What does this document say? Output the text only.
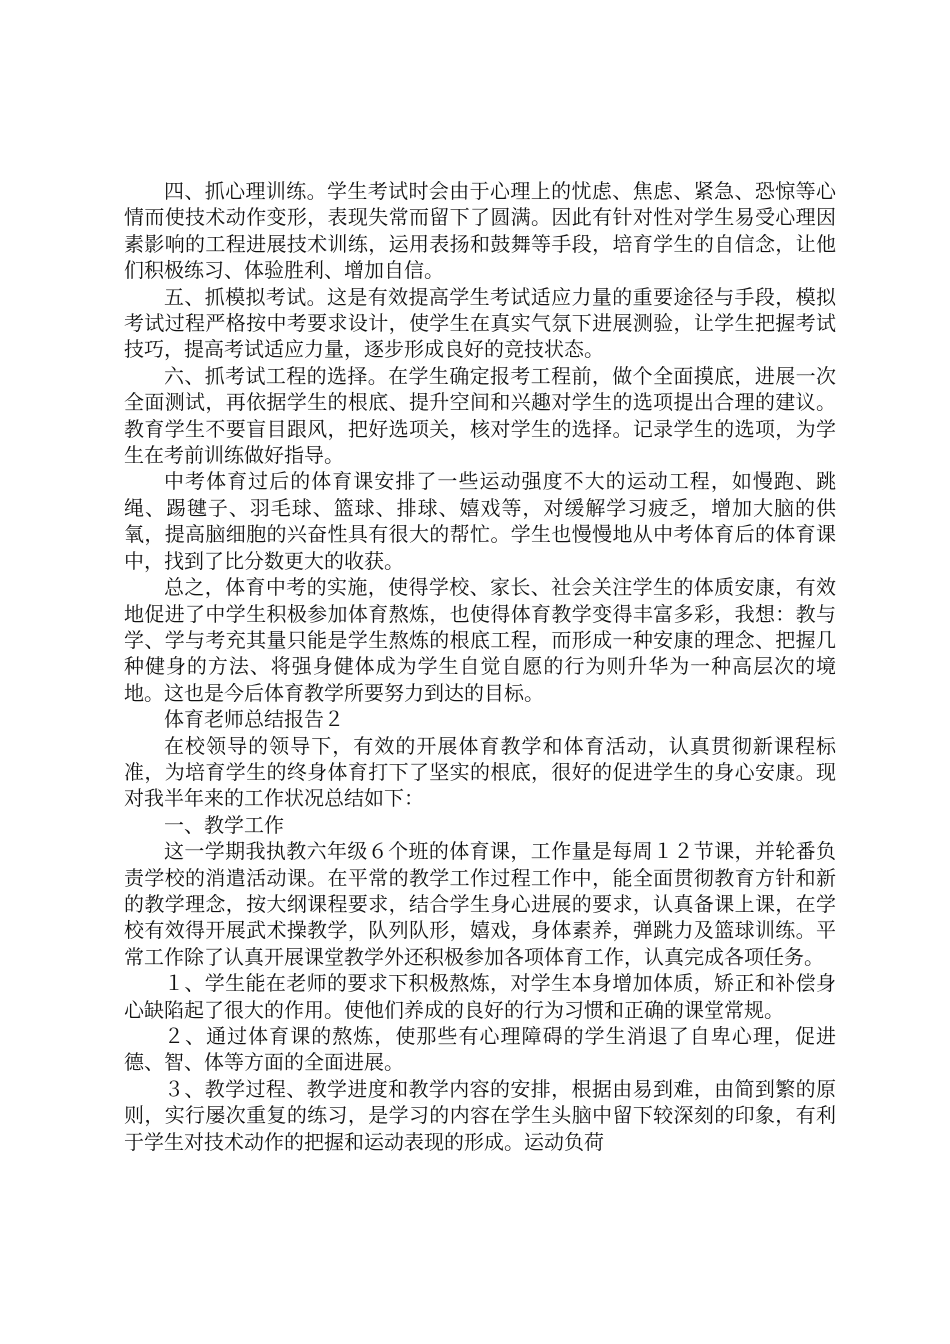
四、抓心理训练。学生考试时会由于心理上的忧虑、焦虑、紧急、恐惊等心情而使技术动作变形，表现失常而留下了圆满。因此有针对性对学生易受心理因素影响的工程进展技术训练，运用表扬和鼓舞等手段，培育学生的自信念，让他们积极练习、体验胜利、增加自信。

五、抓模拟考试。这是有效提高学生考试适应力量的重要途径与手段，模拟考试过程严格按中考要求设计，使学生在真实气氛下进展测验，让学生把握考试技巧，提高考试适应力量，逐步形成良好的竞技状态。

六、抓考试工程的选择。在学生确定报考工程前，做个全面摸底，进展一次全面测试，再依据学生的根底、提升空间和兴趣对学生的选项提出合理的建议。教育学生不要盲目跟风，把好选项关，核对学生的选择。记录学生的选项，为学生在考前训练做好指导。

中考体育过后的体育课安排了一些运动强度不大的运动工程，如慢跑、跳绳、踢毽子、羽毛球、篮球、排球、嬉戏等，对缓解学习疲乏，增加大脑的供氧，提高脑细胞的兴奋性具有很大的帮忙。学生也慢慢地从中考体育后的体育课中，找到了比分数更大的收获。

总之，体育中考的实施，使得学校、家长、社会关注学生的体质安康，有效地促进了中学生积极参加体育熬炼，也使得体育教学变得丰富多彩，我想：教与学、学与考充其量只能是学生熬炼的根底工程，而形成一种安康的理念、把握几种健身的方法、将强身健体成为学生自觉自愿的行为则升华为一种高层次的境地。这也是今后体育教学所要努力到达的目标。

体育老师总结报告２

在校领导的领导下，有效的开展体育教学和体育活动，认真贯彻新课程标准，为培育学生的终身体育打下了坚实的根底，很好的促进学生的身心安康。现对我半年来的工作状况总结如下：

一、教学工作

这一学期我执教六年级６个班的体育课，工作量是每周１２节课，并轮番负责学校的消遣活动课。在平常的教学工作过程工作中，能全面贯彻教育方针和新的教学理念，按大纲课程要求，结合学生身心进展的要求，认真备课上课，在学校有效得开展武术操教学，队列队形，嬉戏，身体素养，弹跳力及篮球训练。平常工作除了认真开展课堂教学外还积极参加各项体育工作，认真完成各项任务。

１、学生能在老师的要求下积极熬炼，对学生本身增加体质，矫正和补偿身心缺陷起了很大的作用。使他们养成的良好的行为习惯和正确的课堂常规。

２、通过体育课的熬炼，使那些有心理障碍的学生消退了自卑心理，促进德、智、体等方面的全面进展。

３、教学过程、教学进度和教学内容的安排，根据由易到难，由简到繁的原则，实行屡次重复的练习，是学习的内容在学生头脑中留下较深刻的印象，有利于学生对技术动作的把握和运动表现的形成。运动负荷
